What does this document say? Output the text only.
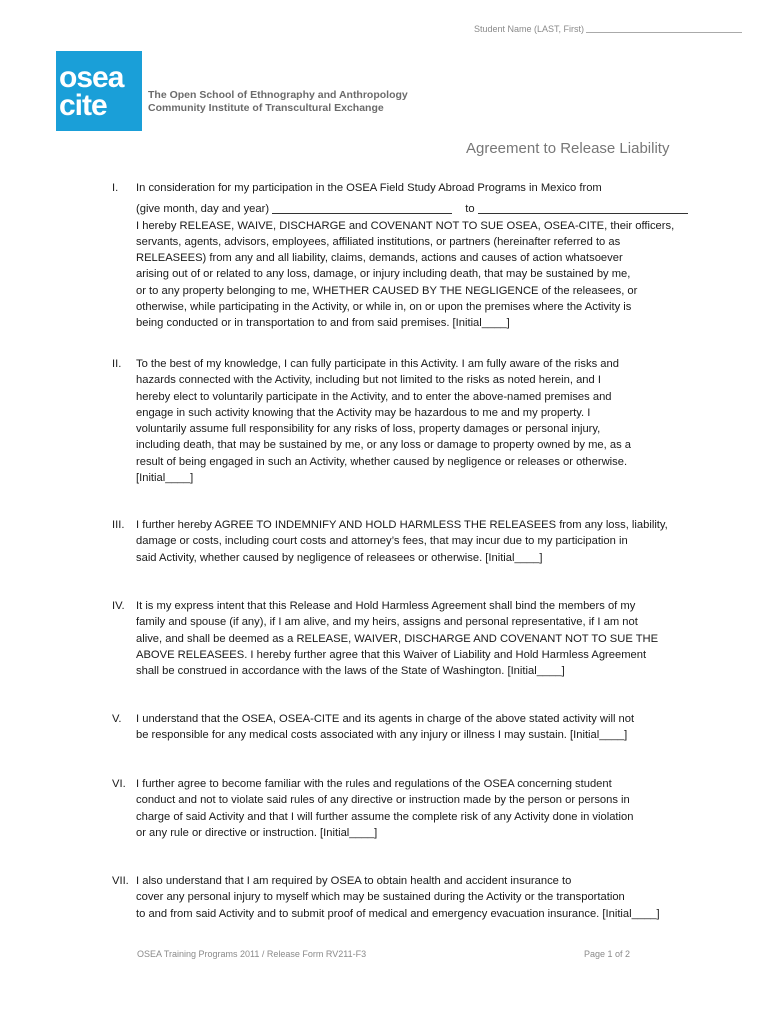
Student Name (LAST, First)
osea
cite	The Open School of Ethnography and Anthropology
Community Institute of Transcultural Exchange
Agreement to Release Liability
I. In consideration for my participation in the OSEA Field Study Abroad Programs in Mexico from
(give month, day and year)	to
I hereby RELEASE, WAIVE, DISCHARGE and COVENANT NOT TO SUE OSEA, OSEA-CITE, their officers,
servants, agents, advisors, employees, affiliated institutions, or partners (hereinafter referred to as
RELEASEES) from any and all liability, claims, demands, actions and causes of action whatsoever
arising out of or related to any loss, damage, or injury including death, that may be sustained by me,
or to any property belonging to me, WHETHER CAUSED BY THE NEGLIGENCE of the releasees, or
otherwise, while participating in the Activity, or while in, on or upon the premises where the Activity is
being conducted or in transportation to and from said premises. [Initial____]
II. To the best of my knowledge, I can fully participate in this Activity. I am fully aware of the risks and
hazards connected with the Activity, including but not limited to the risks as noted herein, and I
hereby elect to voluntarily participate in the Activity, and to enter the above-named premises and
engage in such activity knowing that the Activity may be hazardous to me and my property. I
voluntarily assume full responsibility for any risks of loss, property damages or personal injury,
including death, that may be sustained by me, or any loss or damage to property owned by me, as a
result of being engaged in such an Activity, whether caused by negligence or releases or otherwise.
[Initial____]
III. I further hereby AGREE TO INDEMNIFY AND HOLD HARMLESS THE RELEASEES from any loss, liability,
damage or costs, including court costs and attorney’s fees, that may incur due to my participation in
said Activity, whether caused by negligence of releasees or otherwise. [Initial____]
IV. It is my express intent that this Release and Hold Harmless Agreement shall bind the members of my
family and spouse (if any), if I am alive, and my heirs, assigns and personal representative, if I am not
alive, and shall be deemed as a RELEASE, WAIVER, DISCHARGE AND COVENANT NOT TO SUE THE
ABOVE RELEASEES. I hereby further agree that this Waiver of Liability and Hold Harmless Agreement
shall be construed in accordance with the laws of the State of Washington. [Initial____]
V. I understand that the OSEA, OSEA-CITE and its agents in charge of the above stated activity will not
be responsible for any medical costs associated with any injury or illness I may sustain. [Initial____]
VI. I further agree to become familiar with the rules and regulations of the OSEA concerning student
conduct and not to violate said rules of any directive or instruction made by the person or persons in
charge of said Activity and that I will further assume the complete risk of any Activity done in violation
or any rule or directive or instruction. [Initial____]
VII. I also understand that I am required by OSEA to obtain health and accident insurance to
cover any personal injury to myself which may be sustained during the Activity or the transportation
to and from said Activity and to submit proof of medical and emergency evacuation insurance. [Initial____]
OSEA Training Programs 2011 / Release Form RV211-F3	Page 1 of 2
